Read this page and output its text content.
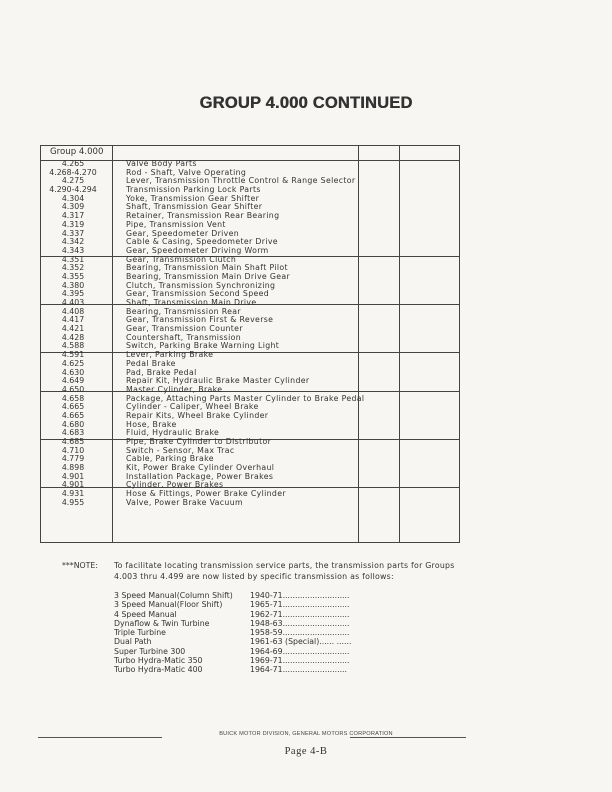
GROUP 4.000 CONTINUED
Group 4.000
4.265	Valve Body Parts
4.268-4.270	Rod - Shaft, Valve Operating
4.275	Lever, Transmission Throttle Control & Range Selector
4.290-4.294	Transmission Parking Lock Parts
4.304	Yoke, Transmission Gear Shifter
4.309	Shaft, Transmission Gear Shifter
4.317	Retainer, Transmission Rear Bearing
4.319	Pipe, Transmission Vent
4.337	Gear, Speedometer Driven
4.342	Cable & Casing, Speedometer Drive
4.343	Gear, Speedometer Driving Worm
4.351	Gear, Transmission Clutch
4.352	Bearing, Transmission Main Shaft Pilot
4.355	Bearing, Transmission Main Drive Gear
4.380	Clutch, Transmission Synchronizing
4.395	Gear, Transmission Second Speed
4.403	Shaft, Transmission Main Drive
4.408	Bearing, Transmission Rear
4.417	Gear, Transmission First & Reverse
4.421	Gear, Transmission Counter
4.428	Countershaft, Transmission
4.588	Switch, Parking Brake Warning Light
4.591	Lever, Parking Brake
4.625	Pedal Brake
4.630	Pad, Brake Pedal
4.649	Repair Kit, Hydraulic Brake Master Cylinder
4.650	Master Cylinder, Brake
4.658	Package, Attaching Parts Master Cylinder to Brake Pedal
4.665	Cylinder - Caliper, Wheel Brake
4.665	Repair Kits, Wheel Brake Cylinder
4.680	Hose, Brake
4.683	Fluid, Hydraulic Brake
4.685	Pipe, Brake Cylinder to Distributor
4.710	Switch - Sensor, Max Trac
4.779	Cable, Parking Brake
4.898	Kit, Power Brake Cylinder Overhaul
4.901	Installation Package, Power Brakes
4.901	Cylinder, Power Brakes
4.931	Hose & Fittings, Power Brake Cylinder
4.955	Valve, Power Brake Vacuum
***NOTE: To facilitate locating transmission service parts, the transmission parts for Groups 4.003 thru 4.499 are now listed by specific transmission as follows:
3 Speed Manual(Column Shift) 1940-71...........................
3 Speed Manual(Floor Shift)	1965-71...........................
4 Speed Manual	1962-71...........................
Dynaflow & Twin Turbine	1948-63...........................
Triple Turbine	1958-59...........................
Dual Path	1961-63 (Special)...... ......
Super Turbine 300	1964-69...........................
Turbo Hydra-Matic 350	1969-71...........................
Turbo Hydra-Matic 400	1964-71..........................
BUICK MOTOR DIVISION, GENERAL MOTORS CORPORATION
Page 4-B
